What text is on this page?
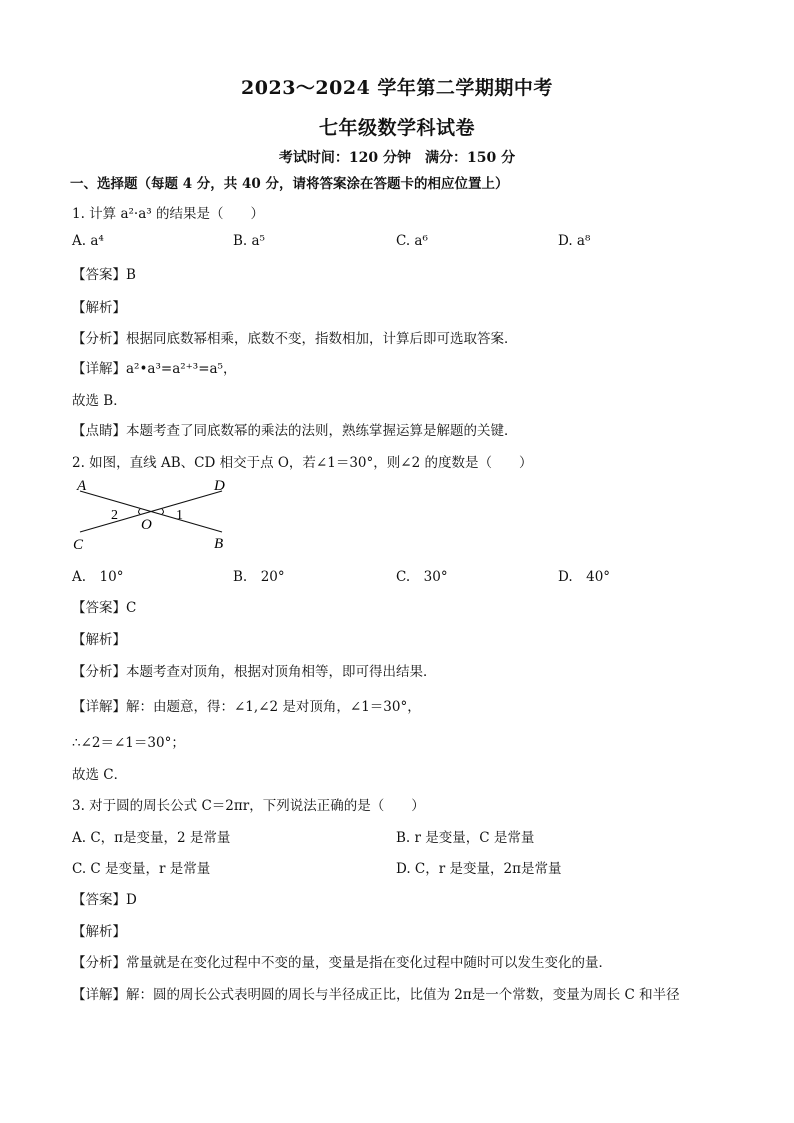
2023～2024 学年第二学期期中考
七年级数学科试卷
考试时间：120 分钟　满分：150 分
一、选择题（每题 4 分，共 40 分，请将答案涂在答题卡的相应位置上）
1. 计算 a²·a³ 的结果是（　　）
A. a⁴	B. a⁵	C. a⁶	D. a⁸
【答案】B
【解析】
【分析】根据同底数幂相乘，底数不变，指数相加，计算后即可选取答案．
【详解】a²•a³=a²⁺³=a⁵，
故选 B．
【点睛】本题考查了同底数幂的乘法的法则，熟练掌握运算是解题的关键．
2. 如图，直线 AB、CD 相交于点 O，若∠1＝30°，则∠2 的度数是（　　）
A	D
2	1
O
C	B
A.　10°	B.　20°	C.　30°	D.　40°
【答案】C
【解析】
【分析】本题考查对顶角，根据对顶角相等，即可得出结果．
【详解】解：由题意，得：∠1,∠2 是对顶角，∠1＝30°，
∴∠2＝∠1＝30°；
故选 C．
3. 对于圆的周长公式 C＝2πr，下列说法正确的是（　　）
A. C，π是变量，2 是常量	B. r 是变量，C 是常量
C. C 是变量，r 是常量	D. C，r 是变量，2π是常量
【答案】D
【解析】
【分析】常量就是在变化过程中不变的量，变量是指在变化过程中随时可以发生变化的量．
【详解】解：圆的周长公式表明圆的周长与半径成正比，比值为 2π是一个常数，变量为周长 C 和半径
